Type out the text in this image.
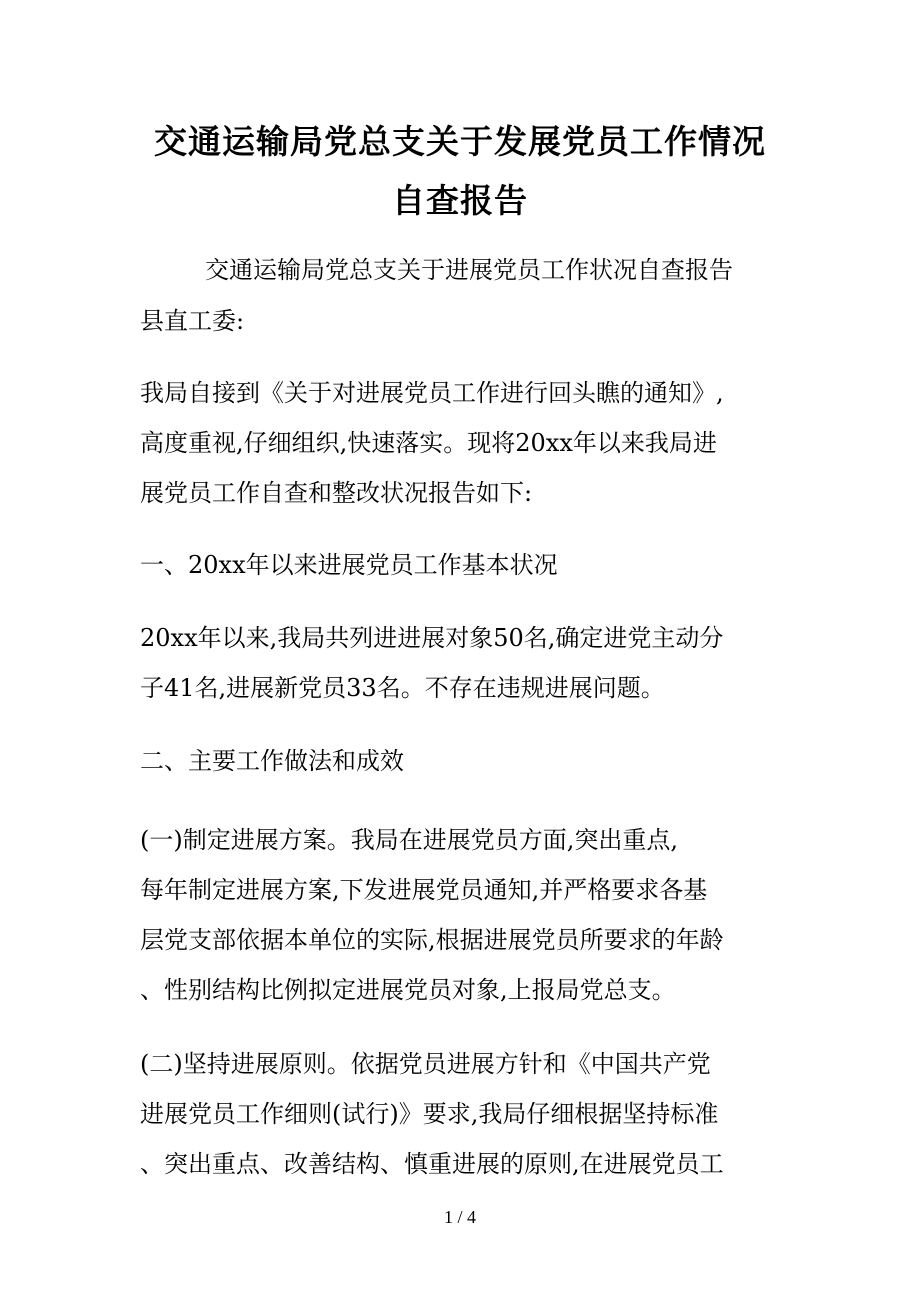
交通运输局党总支关于发展党员工作情况
自查报告

交通运输局党总支关于进展党员工作状况自查报告

县直工委:

我局自接到《关于对进展党员工作进行回头瞧的通知》,

高度重视,仔细组织,快速落实。现将20xx年以来我局进

展党员工作自查和整改状况报告如下:

一、20xx年以来进展党员工作基本状况

20xx年以来,我局共列进进展对象50名,确定进党主动分

子41名,进展新党员33名。不存在违规进展问题。

二、主要工作做法和成效

(一)制定进展方案。我局在进展党员方面,突出重点,

每年制定进展方案,下发进展党员通知,并严格要求各基

层党支部依据本单位的实际,根据进展党员所要求的年龄

、性别结构比例拟定进展党员对象,上报局党总支。

(二)坚持进展原则。依据党员进展方针和《中国共产党

进展党员工作细则(试行)》要求,我局仔细根据坚持标准

、突出重点、改善结构、慎重进展的原则,在进展党员工

1 / 4
